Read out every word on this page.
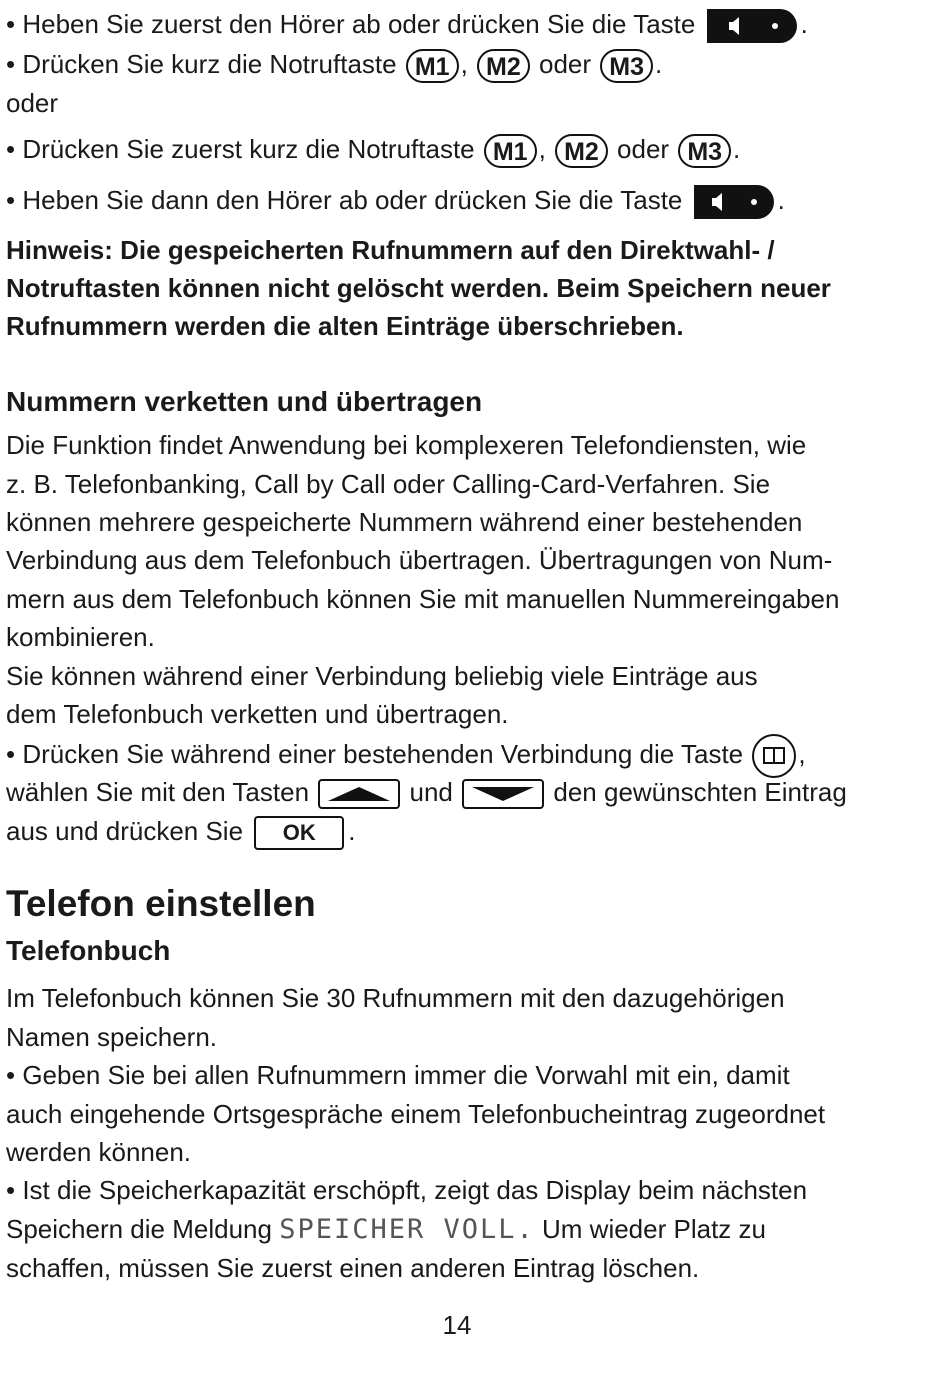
• Heben Sie zuerst den Hörer ab oder drücken Sie die Taste	.
• Drücken Sie kurz die Notruftaste M1 , M2 oder M3 .
oder
• Drücken Sie zuerst kurz die Notruftaste M1 , M2 oder M3 .
• Heben Sie dann den Hörer ab oder drücken Sie die Taste	.
Hinweis: Die gespeicherten Rufnummern auf den Direktwahl- /
Notruftasten können nicht gelöscht werden. Beim Speichern neuer
Rufnummern werden die alten Einträge überschrieben.
Nummern verketten und übertragen
Die Funktion findet Anwendung bei komplexeren Telefondiensten, wie
z. B. Telefonbanking, Call by Call oder Calling-Card-Verfahren. Sie
können mehrere gespeicherte Nummern während einer bestehenden
Verbindung aus dem Telefonbuch übertragen. Übertragungen von Num-
mern aus dem Telefonbuch können Sie mit manuellen Nummereingaben
kombinieren.
Sie können während einer Verbindung beliebig viele Einträge aus
dem Telefonbuch verketten und übertragen.
• Drücken Sie während einer bestehenden Verbindung die Taste ,
wählen Sie mit den Tasten	und	den gewünschten Eintrag
aus und drücken Sie OK .
Telefon einstellen
Telefonbuch
Im Telefonbuch können Sie 30 Rufnummern mit den dazugehörigen
Namen speichern.
• Geben Sie bei allen Rufnummern immer die Vorwahl mit ein, damit
auch eingehende Ortsgespräche einem Telefonbucheintrag zugeordnet
werden können.
• Ist die Speicherkapazität erschöpft, zeigt das Display beim nächsten
Speichern die Meldung SPEICHER VOLL. Um wieder Platz zu
schaffen, müssen Sie zuerst einen anderen Eintrag löschen.
14
